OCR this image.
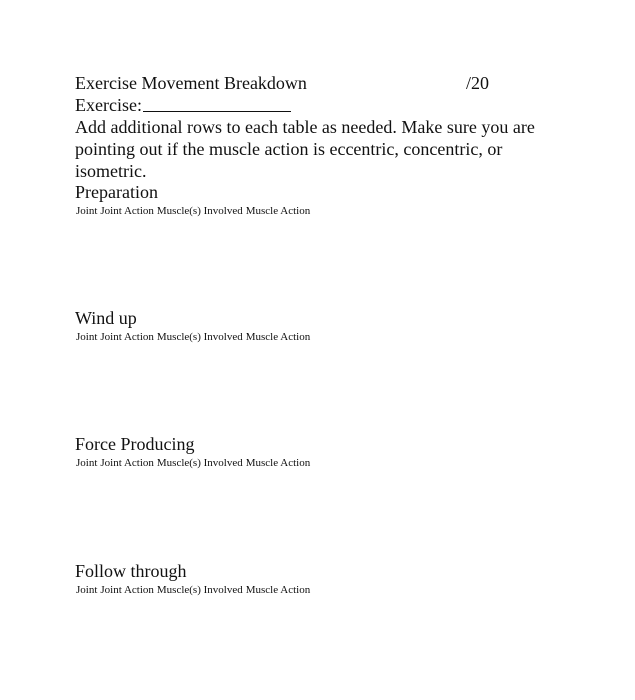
Exercise Movement Breakdown	/20
Exercise:
Add additional rows to each table as needed. Make sure you are pointing out if the muscle action is eccentric, concentric, or isometric.
Preparation
Joint Joint Action Muscle(s) Involved Muscle Action
Wind up
Joint Joint Action Muscle(s) Involved Muscle Action
Force Producing
Joint Joint Action Muscle(s) Involved Muscle Action
Follow through
Joint Joint Action Muscle(s) Involved Muscle Action
